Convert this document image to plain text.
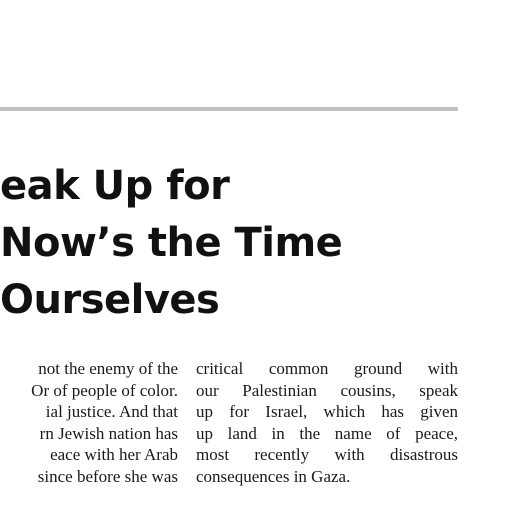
eak Up for
Now’s the Time
Ourselves
not the enemy of the
Or of people of color.
ial justice. And that
rn Jewish nation has
eace with her Arab
since before she was
critical common ground with
our Palestinian cousins, speak
up for Israel, which has given
up land in the name of peace,
most recently with disastrous
consequences in Gaza.
